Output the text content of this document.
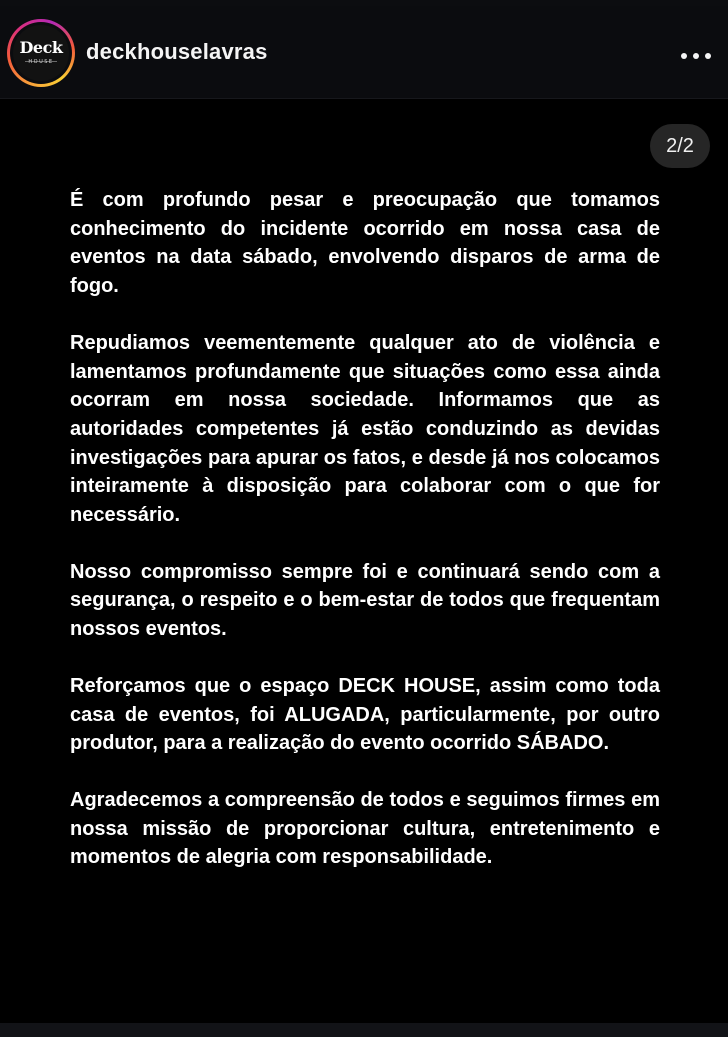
Deck
HOUSE	deckhouselavras
2/2

É com profundo pesar e preocupação que tomamos conhecimento do incidente ocorrido em nossa casa de eventos na data sábado, envolvendo disparos de arma de fogo.

Repudiamos veementemente qualquer ato de violência e lamentamos profundamente que situações como essa ainda ocorram em nossa sociedade. Informamos que as autoridades competentes já estão conduzindo as devidas investigações para apurar os fatos, e desde já nos colocamos inteiramente à disposição para colaborar com o que for necessário.

Nosso compromisso sempre foi e continuará sendo com a segurança, o respeito e o bem-estar de todos que frequentam nossos eventos.

Reforçamos que o espaço DECK HOUSE, assim como toda casa de eventos, foi ALUGADA, particularmente, por outro produtor, para a realização do evento ocorrido SÁBADO.

Agradecemos a compreensão de todos e seguimos firmes em nossa missão de proporcionar cultura, entretenimento e momentos de alegria com responsabilidade.
